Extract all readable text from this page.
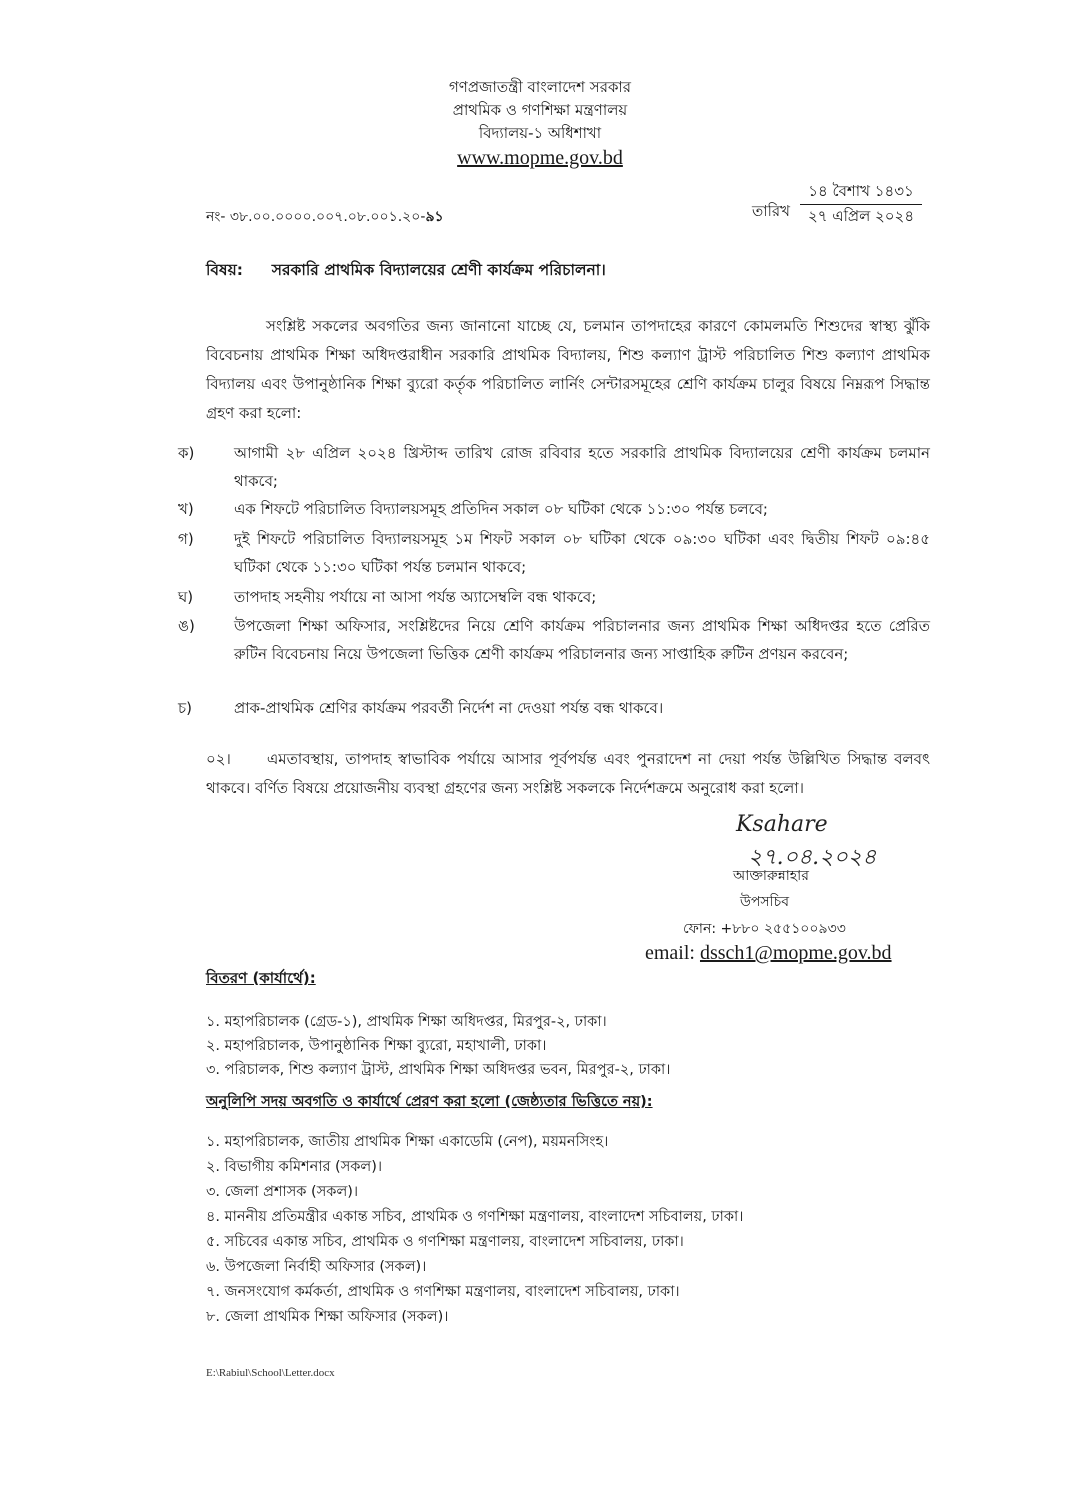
গণপ্রজাতন্ত্রী বাংলাদেশ সরকার
প্রাথমিক ও গণশিক্ষা মন্ত্রণালয়
বিদ্যালয়-১ অধিশাখা
www.mopme.gov.bd
নং- ৩৮.০০.০০০০.০০৭.০৮.০০১.২০-৯১	তারিখ
১৪ বৈশাখ ১৪৩১
২৭ এপ্রিল ২০২৪
বিষয়: সরকারি প্রাথমিক বিদ্যালয়ের শ্রেণী কার্যক্রম পরিচালনা।
সংশ্লিষ্ট সকলের অবগতির জন্য জানানো যাচ্ছে যে, চলমান তাপদাহের কারণে কোমলমতি শিশুদের স্বাস্থ্য ঝুঁকি বিবেচনায় প্রাথমিক শিক্ষা অধিদপ্তরাধীন সরকারি প্রাথমিক বিদ্যালয়, শিশু কল্যাণ ট্রাস্ট পরিচালিত শিশু কল্যাণ প্রাথমিক বিদ্যালয় এবং উপানুষ্ঠানিক শিক্ষা ব্যুরো কর্তৃক পরিচালিত লার্নিং সেন্টারসমূহের শ্রেণি কার্যক্রম চালুর বিষয়ে নিম্নরূপ সিদ্ধান্ত গ্রহণ করা হলো:
ক)	আগামী ২৮ এপ্রিল ২০২৪ খ্রিস্টাব্দ তারিখ রোজ রবিবার হতে সরকারি প্রাথমিক বিদ্যালয়ের শ্রেণী কার্যক্রম চলমান থাকবে;
খ)	এক শিফটে পরিচালিত বিদ্যালয়সমূহ প্রতিদিন সকাল ০৮ ঘটিকা থেকে ১১:৩০ পর্যন্ত চলবে;
গ)	দুই শিফটে পরিচালিত বিদ্যালয়সমূহ ১ম শিফট সকাল ০৮ ঘটিকা থেকে ০৯:৩০ ঘটিকা এবং দ্বিতীয় শিফট ০৯:৪৫ ঘটিকা থেকে ১১:৩০ ঘটিকা পর্যন্ত চলমান থাকবে;
ঘ)	তাপদাহ সহনীয় পর্যায়ে না আসা পর্যন্ত অ্যাসেম্বলি বন্ধ থাকবে;
ঙ)	উপজেলা শিক্ষা অফিসার, সংশ্লিষ্টদের নিয়ে শ্রেণি কার্যক্রম পরিচালনার জন্য প্রাথমিক শিক্ষা অধিদপ্তর হতে প্রেরিত রুটিন বিবেচনায় নিয়ে উপজেলা ভিত্তিক শ্রেণী কার্যক্রম পরিচালনার জন্য সাপ্তাহিক রুটিন প্রণয়ন করবেন;
চ)	প্রাক-প্রাথমিক শ্রেণির কার্যক্রম পরবর্তী নির্দেশ না দেওয়া পর্যন্ত বন্ধ থাকবে।
০২। এমতাবস্থায়, তাপদাহ স্বাভাবিক পর্যায়ে আসার পূর্বপর্যন্ত এবং পুনরাদেশ না দেয়া পর্যন্ত উল্লিখিত সিদ্ধান্ত বলবৎ থাকবে। বর্ণিত বিষয়ে প্রয়োজনীয় ব্যবস্থা গ্রহণের জন্য সংশ্লিষ্ট সকলকে নির্দেশক্রমে অনুরোধ করা হলো।
Ksahare
২৭.০৪.২০২৪
আক্তারুন্নাহার
উপসচিব
ফোন: +৮৮০ ২৫৫১০০৯৩৩
email: dssch1@mopme.gov.bd
বিতরণ (কার্যার্থে):
১. মহাপরিচালক (গ্রেড-১), প্রাথমিক শিক্ষা অধিদপ্তর, মিরপুর-২, ঢাকা।
২. মহাপরিচালক, উপানুষ্ঠানিক শিক্ষা ব্যুরো, মহাখালী, ঢাকা।
৩. পরিচালক, শিশু কল্যাণ ট্রাস্ট, প্রাথমিক শিক্ষা অধিদপ্তর ভবন, মিরপুর-২, ঢাকা।
অনুলিপি সদয় অবগতি ও কার্যার্থে প্রেরণ করা হলো (জেষ্ঠ্যতার ভিত্তিতে নয়):
১. মহাপরিচালক, জাতীয় প্রাথমিক শিক্ষা একাডেমি (নেপ), ময়মনসিংহ।
২. বিভাগীয় কমিশনার (সকল)।
৩. জেলা প্রশাসক (সকল)।
৪. মাননীয় প্রতিমন্ত্রীর একান্ত সচিব, প্রাথমিক ও গণশিক্ষা মন্ত্রণালয়, বাংলাদেশ সচিবালয়, ঢাকা।
৫. সচিবের একান্ত সচিব, প্রাথমিক ও গণশিক্ষা মন্ত্রণালয়, বাংলাদেশ সচিবালয়, ঢাকা।
৬. উপজেলা নির্বাহী অফিসার (সকল)।
৭. জনসংযোগ কর্মকর্তা, প্রাথমিক ও গণশিক্ষা মন্ত্রণালয়, বাংলাদেশ সচিবালয়, ঢাকা।
৮. জেলা প্রাথমিক শিক্ষা অফিসার (সকল)।
E:\Rabiul\School\Letter.docx
